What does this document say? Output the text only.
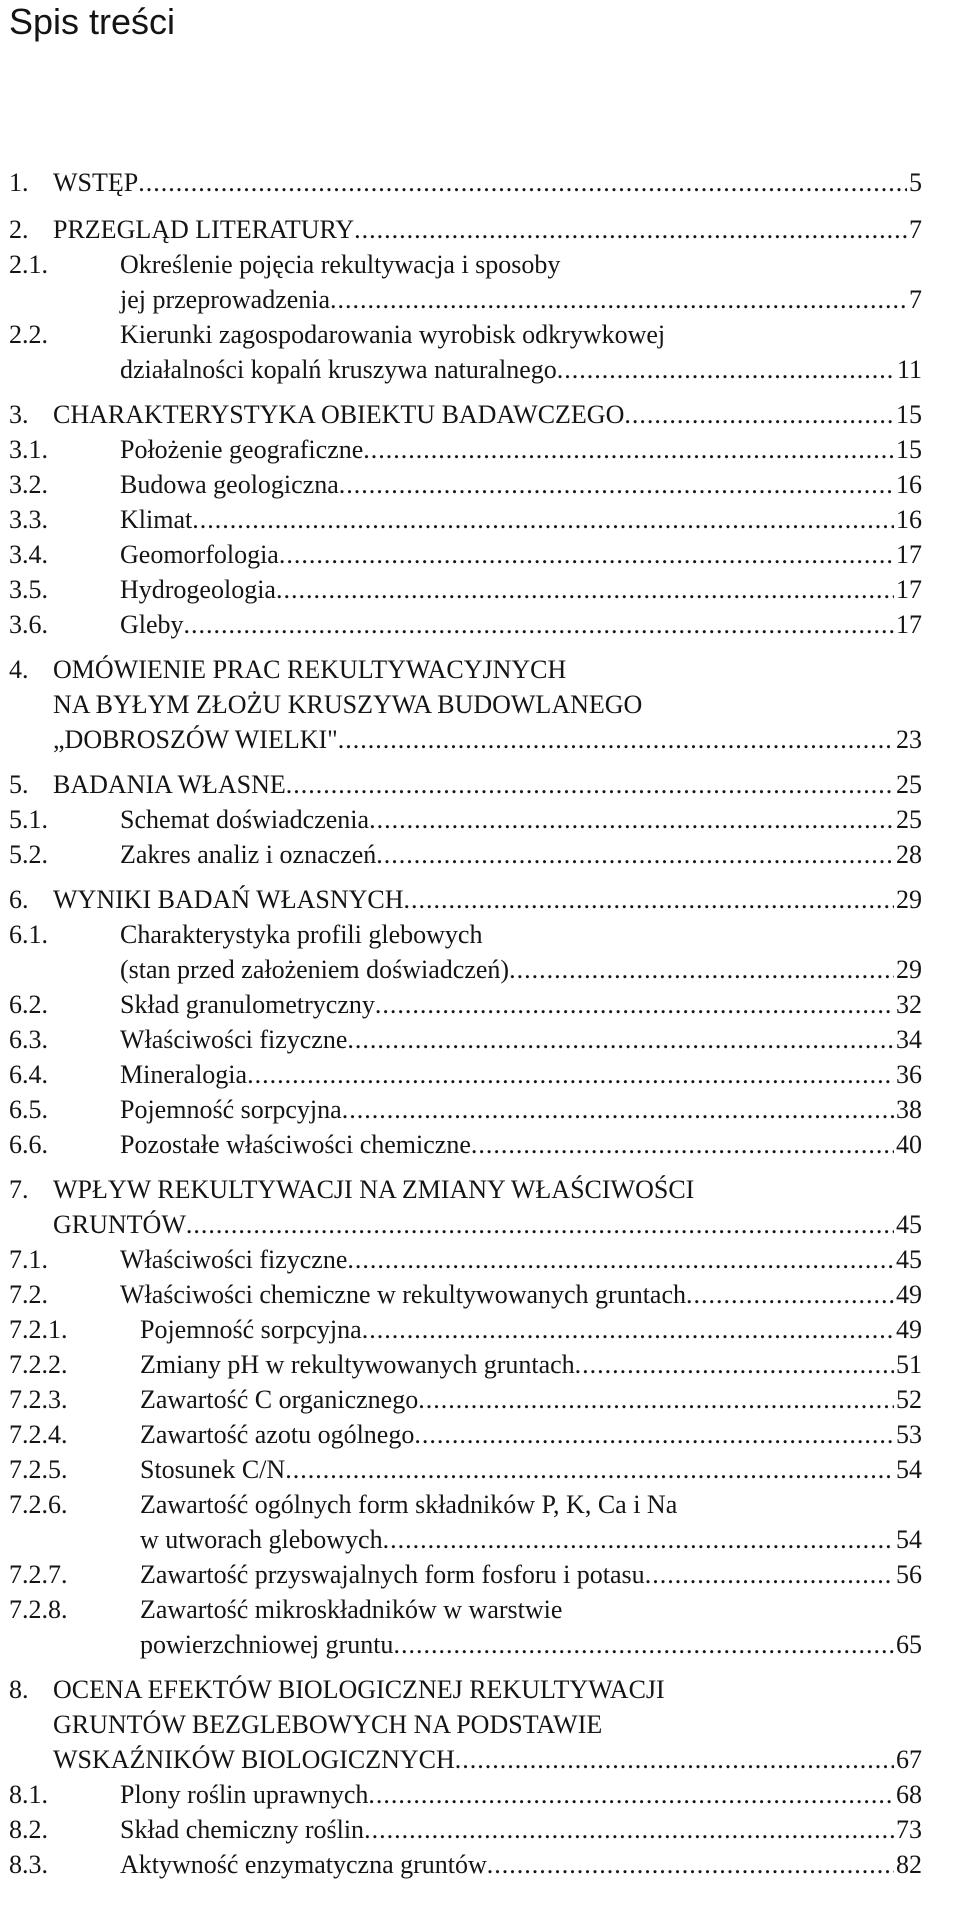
Spis treści
1. WSTĘP .....	5
2. PRZEGLĄD LITERATURY .....	7
2.1.	Określenie pojęcia rekultywacja i sposoby
jej przeprowadzenia .....	7
2.2.	Kierunki zagospodarowania wyrobisk odkrywkowej
działalności kopalń kruszywa naturalnego .....	11
3. CHARAKTERYSTYKA OBIEKTU BADAWCZEGO .....	15
3.1.	Położenie geograficzne .....	15
3.2.	Budowa geologiczna .....	16
3.3.	Klimat .....	16
3.4.	Geomorfologia .....	17
3.5.	Hydrogeologia .....	17
3.6.	Gleby .....	17
4. OMÓWIENIE PRAC REKULTYWACYJNYCH
NA BYŁYM ZŁOŻU KRUSZYWA BUDOWLANEGO
„DOBROSZÓW WIELKI" .....	23
5. BADANIA WŁASNE .....	25
5.1.	Schemat doświadczenia .....	25
5.2.	Zakres analiz i oznaczeń .....	28
6. WYNIKI BADAŃ WŁASNYCH .....	29
6.1.	Charakterystyka profili glebowych
(stan przed założeniem doświadczeń) .....	29
6.2.	Skład granulometryczny .....	32
6.3.	Właściwości fizyczne .....	34
6.4.	Mineralogia .....	36
6.5.	Pojemność sorpcyjna .....	38
6.6.	Pozostałe właściwości chemiczne .....	40
7. WPŁYW REKULTYWACJI NA ZMIANY WŁAŚCIWOŚCI
GRUNTÓW .....	45
7.1.	Właściwości fizyczne .....	45
7.2.	Właściwości chemiczne w rekultywowanych gruntach .....	49
7.2.1.	Pojemność sorpcyjna .....	49
7.2.2.	Zmiany pH w rekultywowanych gruntach .....	51
7.2.3.	Zawartość C organicznego .....	52
7.2.4.	Zawartość azotu ogólnego .....	53
7.2.5.	Stosunek C/N .....	54
7.2.6.	Zawartość ogólnych form składników P, K, Ca i Na
w utworach glebowych .....	54
7.2.7.	Zawartość przyswajalnych form fosforu i potasu .....	56
7.2.8.	Zawartość mikroskładników w warstwie
powierzchniowej gruntu .....	65
8. OCENA EFEKTÓW BIOLOGICZNEJ REKULTYWACJI
GRUNTÓW BEZGLEBOWYCH NA PODSTAWIE
WSKAŹNIKÓW BIOLOGICZNYCH .....	67
8.1.	Plony roślin uprawnych .....	68
8.2.	Skład chemiczny roślin .....	73
8.3.	Aktywność enzymatyczna gruntów .....	82
